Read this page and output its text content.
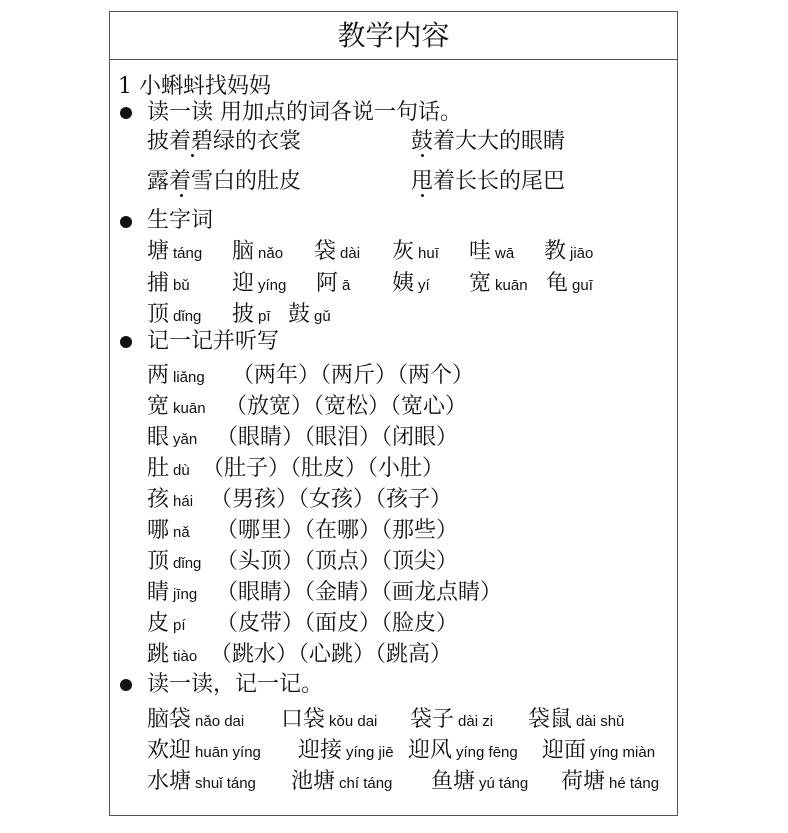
教学内容
1 小蝌蚪找妈妈
读一读 用加点的词各说一句话。
披着碧绿的衣裳	鼓着大大的眼睛
露着雪白的肚皮	甩着长长的尾巴
生字词
塘 táng 脑 nǎo 袋 dài 灰 huī 哇 wā 教 jiāo
捕 bǔ 迎 yíng 阿 ā 姨 yí 宽 kuān 龟 guī
顶 dǐng 披 pī 鼓 gǔ
记一记并听写
两 liǎng （两年）（两斤）（两个）
宽 kuān （放宽）（宽松）（宽心）
眼 yǎn （眼睛）（眼泪）（闭眼）
肚 dù （肚子）（肚皮）（小肚）
孩 hái （男孩）（女孩）（孩子）
哪 nǎ （哪里）（在哪）（那些）
顶 dǐng （头顶）（顶点）（顶尖）
睛 jīng （眼睛）（金睛）（画龙点睛）
皮 pí （皮带）（面皮）（脸皮）
跳 tiào （跳水）（心跳）（跳高）
读一读，记一记。
脑袋 nǎo dai 口袋 kǒu dai 袋子 dài zi 袋鼠 dài shǔ
欢迎 huān yíng 迎接 yíng jiē 迎风 yíng fēng 迎面 yíng miàn
水塘 shuǐ táng 池塘 chí táng 鱼塘 yú táng 荷塘 hé táng
